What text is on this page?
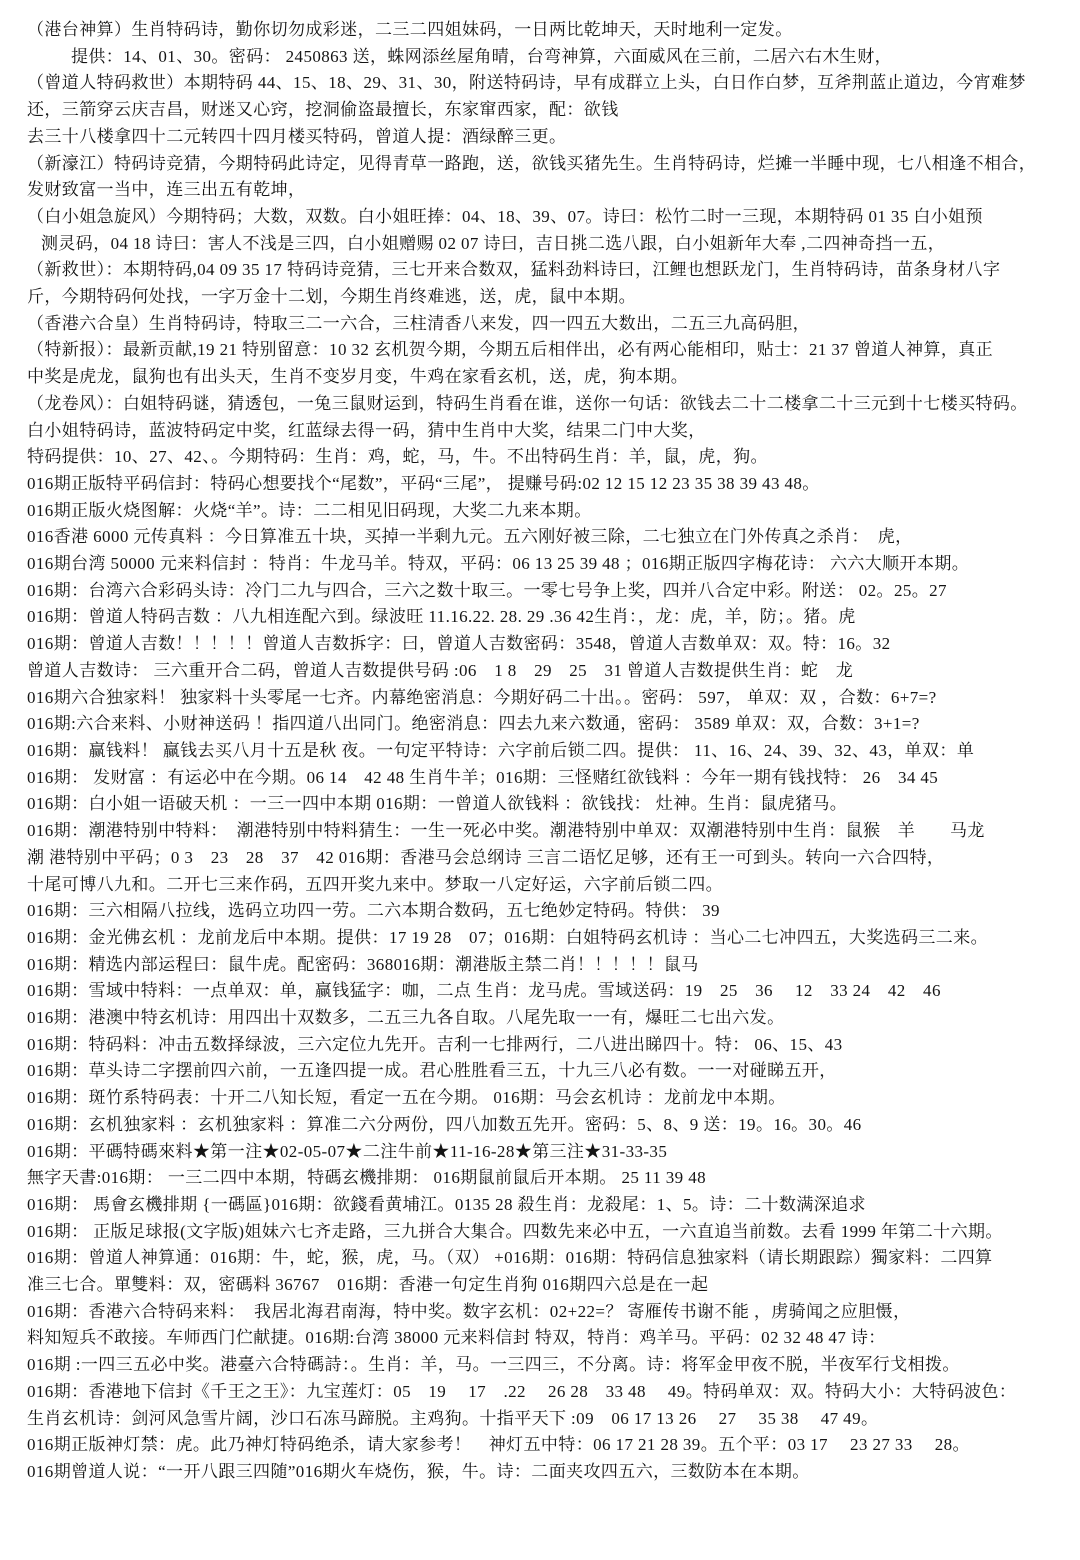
（港台神算）生肖特码诗，勤你切勿成彩迷，二三二四姐妹码，一日两比乾坤天，天时地利一定发。
提供：14、01、30。密码： 2450863 送，蛛网添丝屋角晴，台弯神算，六面威风在三前，二居六右木生财，
（曾道人特码救世）本期特码 44、15、18、29、31、30，附送特码诗，早有成群立上头，白日作白梦，互斧荆蓝止道边，今宵难梦
还，三箭穿云庆吉昌，财迷又心窍，挖洞偷盗最擅长，东家窜西家，配：欲钱
去三十八楼拿四十二元转四十四月楼买特码，曾道人提：酒绿醉三更。
（新濠江）特码诗竞猜，今期特码此诗定，见得青草一路跑，送，欲钱买猪先生。生肖特码诗，烂摊一半睡中现，七八相逢不相合，
发财致富一当中，连三出五有乾坤，
（白小姐急旋风）今期特码；大数，双数。白小姐旺捧：04、18、39、07。诗曰：松竹二时一三现，本期特码 01 35 白小姐预
测灵码，04 18 诗曰：害人不浅是三四，白小姐赠赐 02 07 诗曰，吉日挑二选八跟，白小姐新年大奉 ,二四神奇挡一五，
（新救世）：本期特码,04 09 35 17 特码诗竞猜，三七开来合数双，猛料劲料诗曰，江鲤也想跃龙门，生肖特码诗，苗条身材八字
斤，今期特码何处找，一字万金十二划，今期生肖终难逃，送，虎，鼠中本期。
（香港六合皇）生肖特码诗，特取三二一六合，三柱清香八来发，四一四五大数出，二五三九高码胆，
（特新报）：最新贡献,19 21 特别留意：10 32 玄机贺今期，今期五后相伴出，必有两心能相印，贴士：21 37 曾道人神算，真正
中奖是虎龙，鼠狗也有出头天，生肖不变岁月变，牛鸡在家看玄机，送，虎，狗本期。
（龙卷风）：白姐特码谜，猜透包，一兔三鼠财运到，特码生肖看在谁，送你一句话：欲钱去二十二楼拿二十三元到十七楼买特码。
白小姐特码诗，蓝波特码定中奖，红蓝绿去得一码，猜中生肖中大奖，结果二门中大奖，
特码提供：10、27、42、。今期特码：生肖：鸡，蛇，马，牛。不出特码生肖：羊，鼠，虎，狗。
016期正版特平码信封：特码心想要找个“尾数”，平码“三尾”， 提赚号码:02 12 15 12 23 35 38 39 43 48。
016期正版火烧图解：火烧“羊”。诗：二二相见旧码现，大奖二九来本期。
016香港 6000 元传真料 ：今日算准五十块，买掉一半剩九元。五六刚好被三除，二七独立在门外传真之杀肖：　虎，
016期台湾 50000 元来料信封 ：特肖：牛龙马羊。特双，平码：06 13 25 39 48 ；016期正版四字梅花诗： 六六大顺开本期。
016期：台湾六合彩码头诗：冷门二九与四合，三六之数十取三。一零七号争上奖，四并八合定中彩。附送： 02。25。27
016期：曾道人特码吉数 ：八九相连配六到。绿波旺 11.16.22. 28. 29 .36 42生肖：，龙：虎，羊，防；。猪。虎
016期：曾道人吉数！！！！！曾道人吉数拆字：曰，曾道人吉数密码：3548，曾道人吉数单双：双。特：16。32
曾道人吉数诗： 三六重开合二码，曾道人吉数提供号码 :06　1 8　29　25　31 曾道人吉数提供生肖：蛇　龙
016期六合独家料！ 独家料十头零尾一七齐。内幕绝密消息：今期好码二十出。。密码： 597， 单双：双 ，合数：6+7=?
016期:六合来料、小财神送码 ！指四道八出同门。绝密消息：四去九来六数通，密码： 3589 单双：双，合数：3+1=?
016期：赢钱料！ 赢钱去买八月十五是秋 夜。一句定平特诗：六字前后锁二四。提供： 11、16、24、39、32、43，单双：单
016期： 发财富 ：有运必中在今期。06 14　42 48 生肖牛羊；016期：三怪赌红欲钱料 ：今年一期有钱找特： 26　34 45
016期：白小姐一语破天机 ：一三一四中本期 016期：一曾道人欲钱料 ：欲钱找： 灶神。生肖：鼠虎猪马。
016期：潮港特别中特料：　潮港特别中特料猜生：一生一死必中奖。潮港特别中单双：双潮港特别中生肖：鼠猴　羊　　马龙
潮 港特别中平码；0 3　23　28　37　42 016期：香港马会总纲诗 三言二语忆足够，还有王一可到头。转向一六合四特，
十尾可博八九和。二开七三来作码，五四开奖九来中。梦取一八定好运，六字前后锁二四。
016期：三六相隔八拉线，选码立功四一劳。二六本期合数码，五七绝妙定特码。特供： 39
016期：金光佛玄机 ：龙前龙后中本期。提供：17 19 28　07；016期：白姐特码玄机诗 ：当心二七冲四五，大奖选码三二来。
016期：精选内部运程曰：鼠牛虎。配密码：368016期：潮港版主禁二肖！！！！！鼠马
016期：雪域中特料：一点单双：单，赢钱猛字：咖，二点 生肖：龙马虎。雪域送码：19　25　36　 12　33 24　42　46
016期：港澳中特玄机诗：用四出十双数多，二五三九各自取。八尾先取一一有，爆旺二七出六发。
016期：特码料：冲击五数择绿波，三六定位九先开。吉利一七排两行，二八进出睇四十。特： 06、15、43
016期：草头诗二字摆前四六前，一五逢四提一成。君心胜胜看三五，十九三八必有数。一一对碰睇五开，
016期：斑竹系特码表：十开二八知长短，看定一五在今期。 016期：马会玄机诗 ：龙前龙中本期。
016期：玄机独家料 ：玄机独家料 ：算准二六分两份，四八加数五先开。密码：5、8、9 送：19。16。30。46
016期：平碼特碼來料★第一注★02-05-07★二注牛前★11-16-28★第三注★31-33-35
無字天書:016期： 一三二四中本期，特碼玄機排期： 016期鼠前鼠后开本期。 25 11 39 48
016期： 馬會玄機排期 {一碼區}016期：欲錢看黄埔江。0135 28 殺生肖：龙殺尾：1、5。诗：二十数满深追求
016期： 正版足球报(文字版)姐妹六七齐走路，三九拼合大集合。四数先来必中五，一六直追当前数。去看 1999 年第二十六期。
016期：曾道人神算通：016期：牛，蛇，猴，虎，马。（双） +016期：016期：特码信息独家料（请长期跟踪）獨家料：二四算
准三七合。單雙料：双，密碼料 36767　016期：香港一句定生肖狗 016期四六总是在一起
016期：香港六合特码来料：　我居北海君南海，特中奖。数字玄机：02+22=？ 寄雁传书谢不能 ，虏骑闻之应胆慑，
料知短兵不敢接。车师西门伫献捷。016期:台湾 38000 元来料信封 特双，特肖：鸡羊马。平码：02 32 48 47 诗：
016期 :一四三五必中奖。港臺六合特碼詩：。生肖：羊，马。一三四三，不分离。诗：将军金甲夜不脱，半夜军行戈相拨。
016期：香港地下信封《千王之王》：九宝莲灯：05　19　 17　.22　 26 28　33 48　 49。特码单双：双。特码大小：大特码波色：
生肖玄机诗：剑河风急雪片阔，沙口石冻马蹄脱。主鸡狗。十指平天下 :09　06 17 13 26　 27　 35 38　 47 49。
016期正版神灯禁：虎。此乃神灯特码绝杀，请大家参考！　神灯五中特：06 17 21 28 39。五个平：03 17　 23 27 33　 28。
016期曾道人说：“一开八跟三四随”016期火车烧伤，猴，牛。诗：二面夹攻四五六，三数防本在本期。
